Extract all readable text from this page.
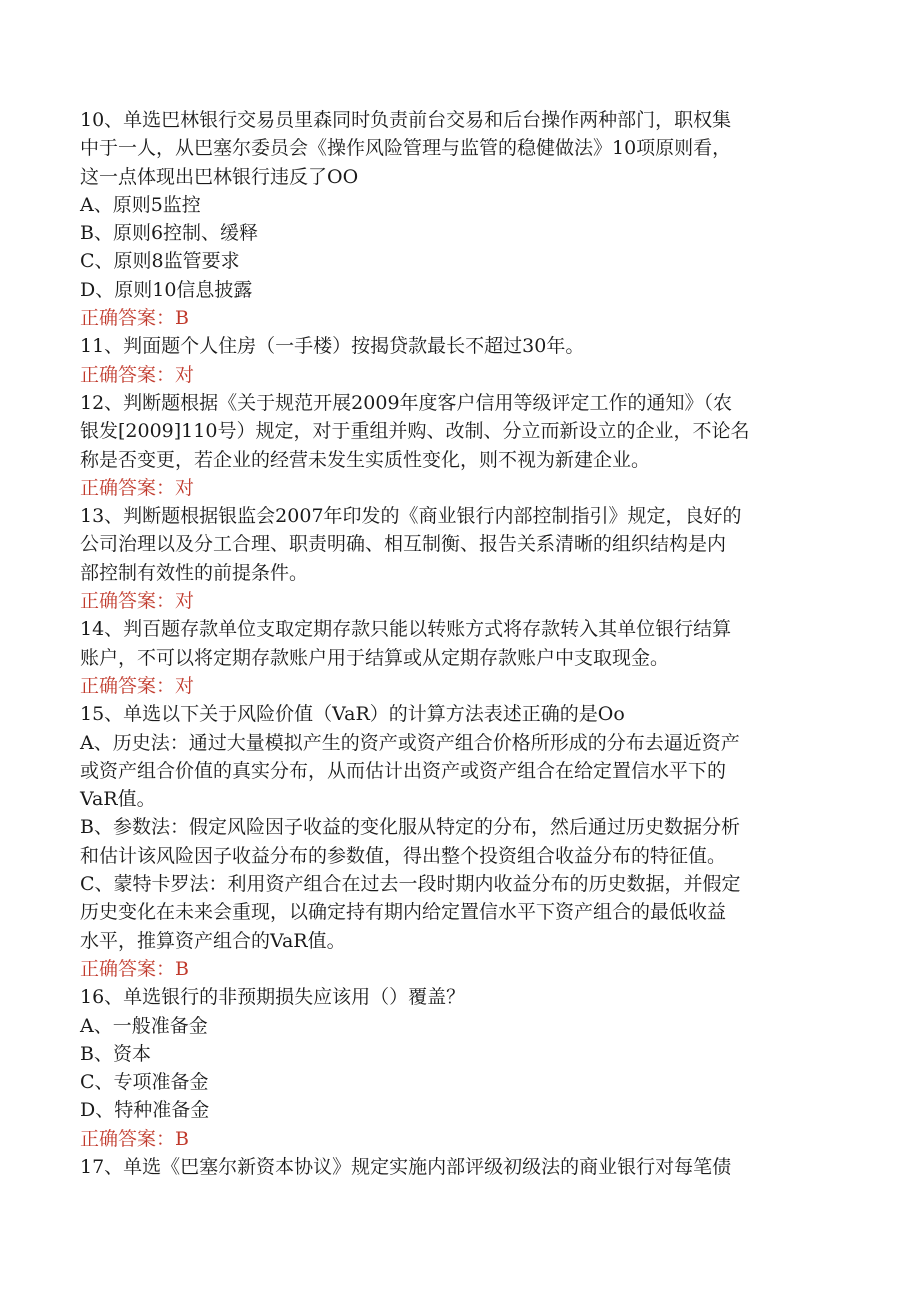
10、单选巴林银行交易员里森同时负责前台交易和后台操作两种部门，职权集
中于一人，从巴塞尔委员会《操作风险管理与监管的稳健做法》10项原则看，
这一点体现出巴林银行违反了OO
A、原则5监控
B、原则6控制、缓释
C、原则8监管要求
D、原则10信息披露
正确答案：B
11、判面题个人住房（一手楼）按揭贷款最长不超过30年。
正确答案：对
12、判断题根据《关于规范开展2009年度客户信用等级评定工作的通知》（农
银发[2009]110号）规定，对于重组并购、改制、分立而新设立的企业，不论名
称是否变更，若企业的经营未发生实质性变化，则不视为新建企业。
正确答案：对
13、判断题根据银监会2007年印发的《商业银行内部控制指引》规定，良好的
公司治理以及分工合理、职责明确、相互制衡、报告关系清晰的组织结构是内
部控制有效性的前提条件。
正确答案：对
14、判百题存款单位支取定期存款只能以转账方式将存款转入其单位银行结算
账户，不可以将定期存款账户用于结算或从定期存款账户中支取现金。
正确答案：对
15、单选以下关于风险价值（VaR）的计算方法表述正确的是Oo
A、历史法：通过大量模拟产生的资产或资产组合价格所形成的分布去逼近资产
或资产组合价值的真实分布，从而估计出资产或资产组合在给定置信水平下的
VaR值。
B、参数法：假定风险因子收益的变化服从特定的分布，然后通过历史数据分析
和估计该风险因子收益分布的参数值，得出整个投资组合收益分布的特征值。
C、蒙特卡罗法：利用资产组合在过去一段时期内收益分布的历史数据，并假定
历史变化在未来会重现，以确定持有期内给定置信水平下资产组合的最低收益
水平，推算资产组合的VaR值。
正确答案：B
16、单选银行的非预期损失应该用（）覆盖？
A、一般准备金
B、资本
C、专项准备金
D、特种准备金
正确答案：B
17、单选《巴塞尔新资本协议》规定实施内部评级初级法的商业银行对每笔债
